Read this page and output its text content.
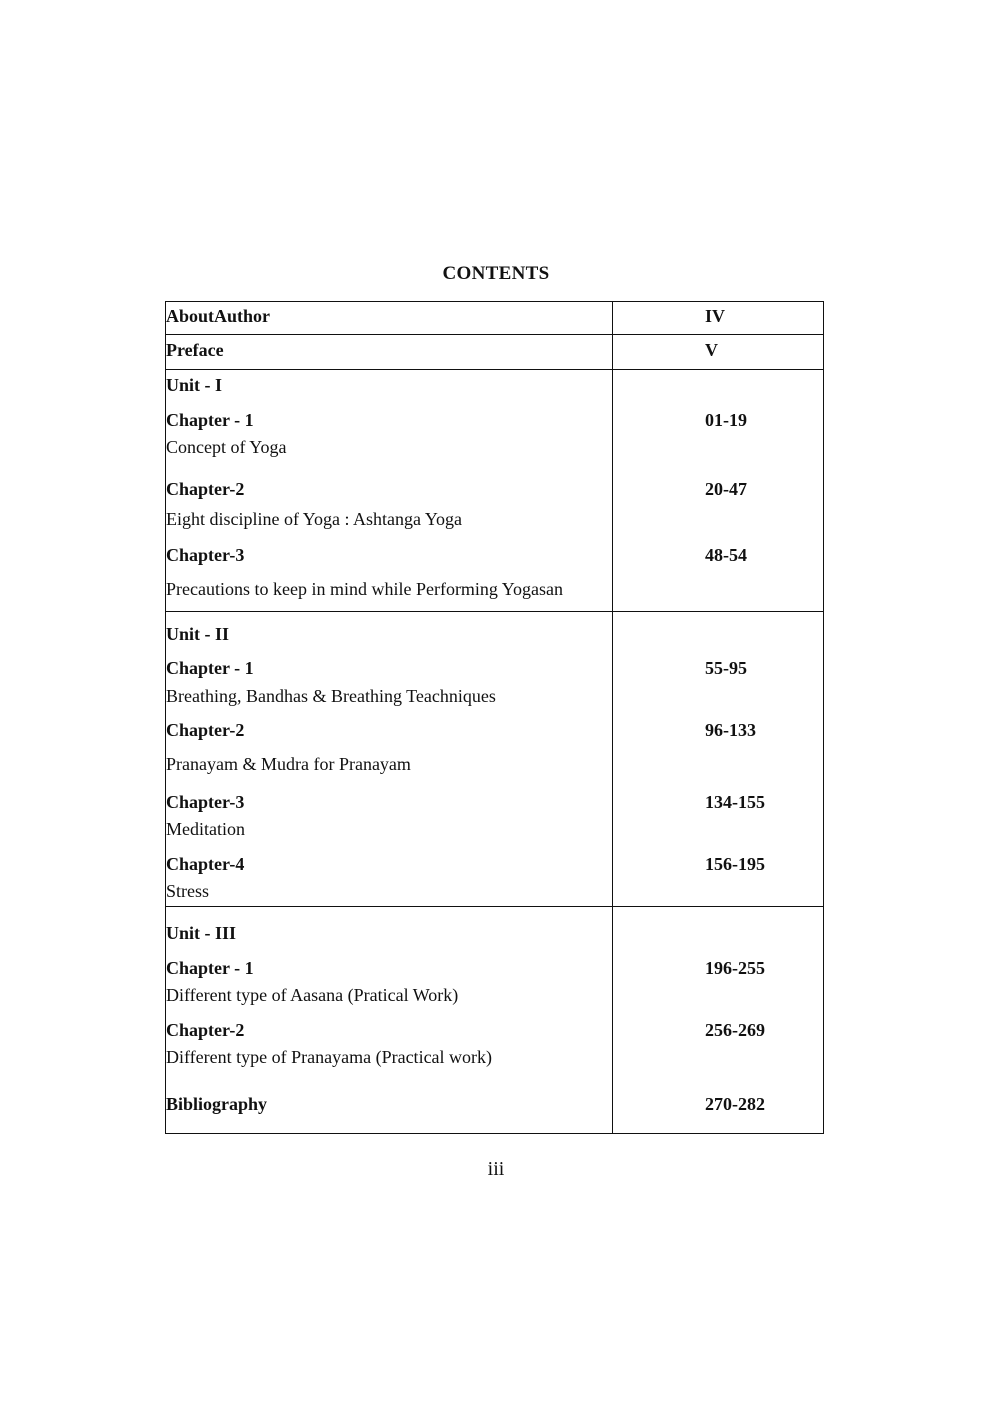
CONTENTS
AboutAuthor	IV
Preface	V
Unit - I
Chapter - 1	01-19
Concept of Yoga
Chapter-2	20-47
Eight discipline of Yoga : Ashtanga Yoga
Chapter-3	48-54
Precautions to keep in mind while Performing Yogasan
Unit - II
Chapter - 1	55-95
Breathing, Bandhas & Breathing Teachniques
Chapter-2	96-133
Pranayam & Mudra for Pranayam
Chapter-3	134-155
Meditation
Chapter-4	156-195
Stress
Unit - III
Chapter - 1	196-255
Different type of Aasana (Pratical Work)
Chapter-2	256-269
Different type of Pranayama (Practical work)
Bibliography	270-282
iii
